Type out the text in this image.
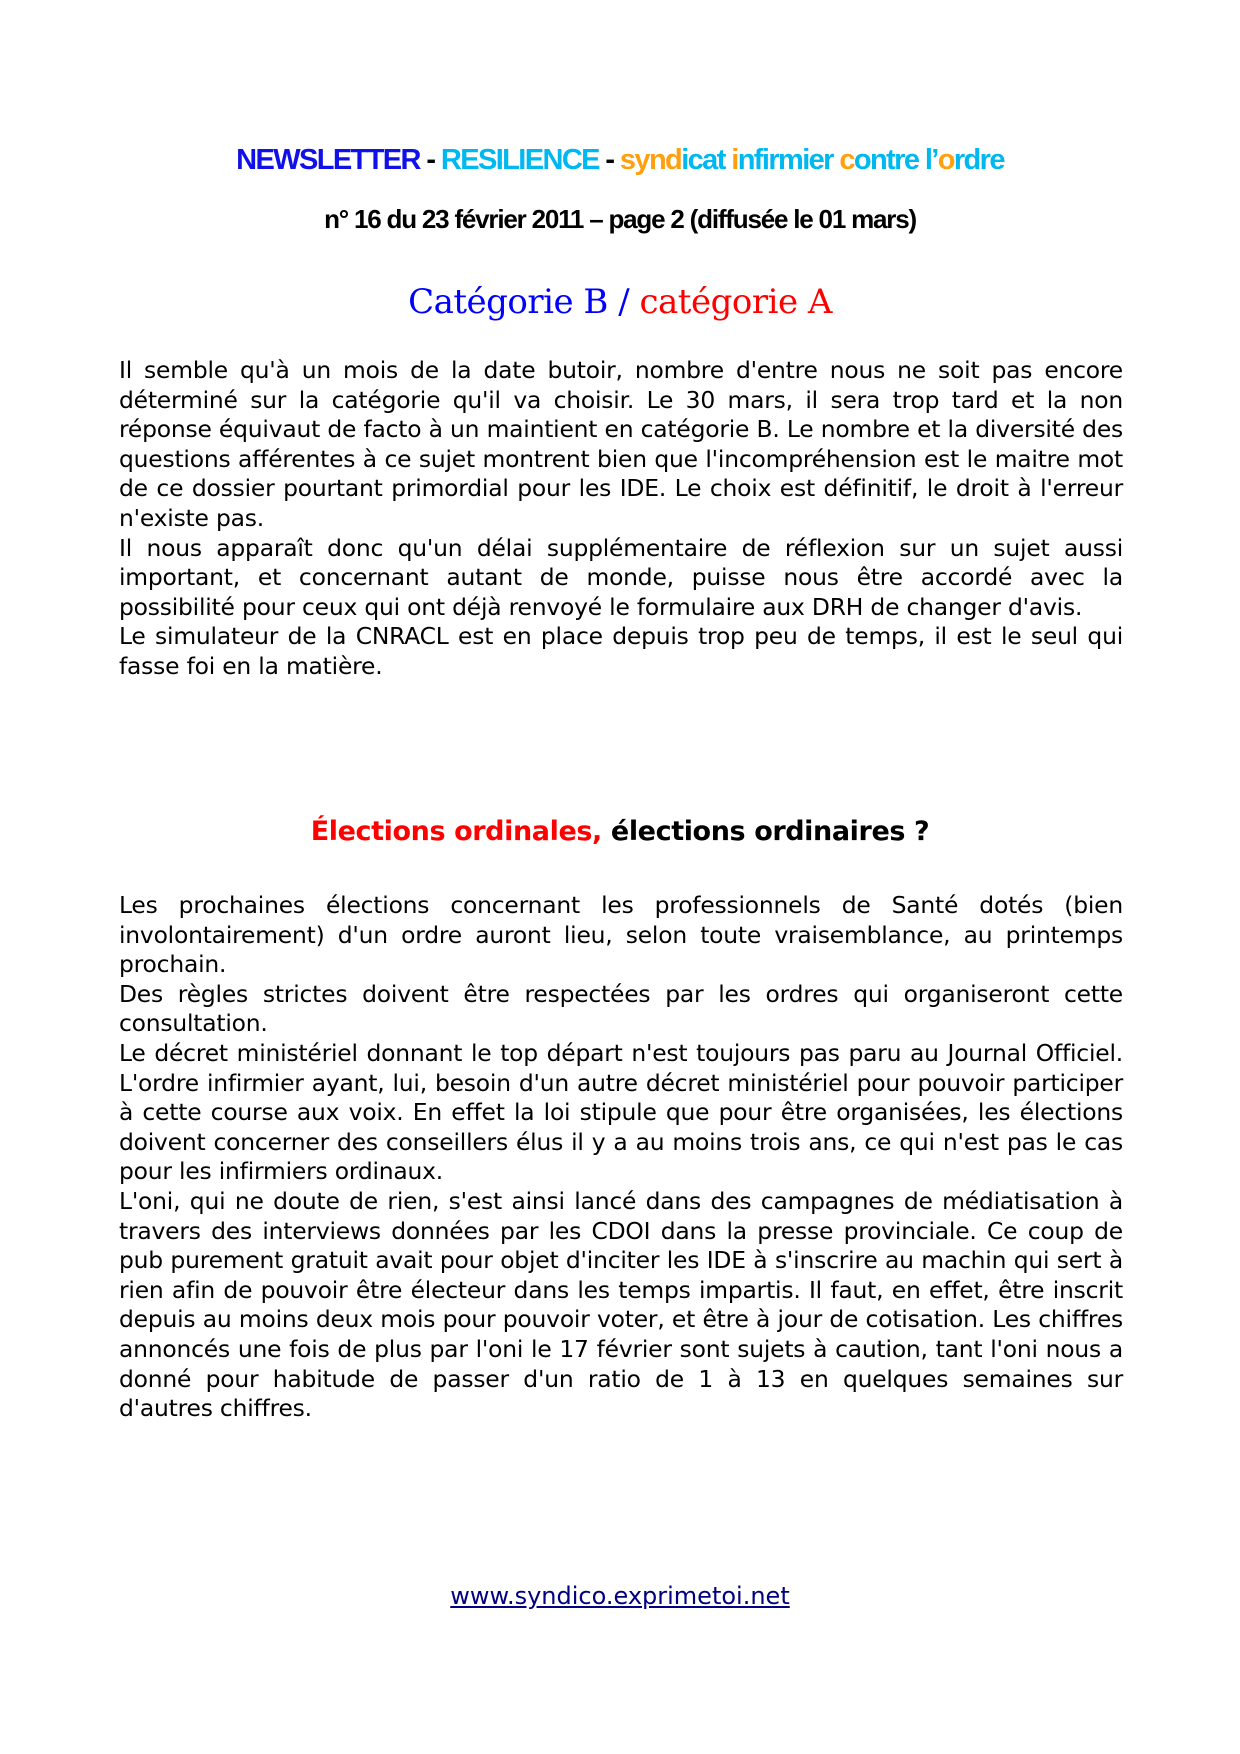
NEWSLETTER - RESILIENCE - syndicat infirmier contre l’ordre
n° 16 du 23 février 2011 – page 2 (diffusée le 01 mars)
Catégorie B / catégorie A

Il semble qu'à un mois de la date butoir, nombre d'entre nous ne soit pas encore déterminé sur la catégorie qu'il va choisir. Le 30 mars, il sera trop tard et la non réponse équivaut de facto à un maintient en catégorie B. Le nombre et la diversité des questions afférentes à ce sujet montrent bien que l'incompréhension est le maitre mot de ce dossier pourtant primordial pour les IDE. Le choix est définitif, le droit à l'erreur n'existe pas.

Il nous apparaît donc qu'un délai supplémentaire de réflexion sur un sujet aussi important, et concernant autant de monde, puisse nous être accordé avec la possibilité pour ceux qui ont déjà renvoyé le formulaire aux DRH de changer d'avis.

Le simulateur de la CNRACL est en place depuis trop peu de temps, il est le seul qui fasse foi en la matière.

Élections ordinales, élections ordinaires ?

Les prochaines élections concernant les professionnels de Santé dotés (bien involontairement) d'un ordre auront lieu, selon toute vraisemblance, au printemps prochain.

Des règles strictes doivent être respectées par les ordres qui organiseront cette consultation.

Le décret ministériel donnant le top départ n'est toujours pas paru au Journal Officiel. L'ordre infirmier ayant, lui, besoin d'un autre décret ministériel pour pouvoir participer à cette course aux voix. En effet la loi stipule que pour être organisées, les élections doivent concerner des conseillers élus il y a au moins trois ans, ce qui n'est pas le cas pour les infirmiers ordinaux.

L'oni, qui ne doute de rien, s'est ainsi lancé dans des campagnes de médiatisation à travers des interviews données par les CDOI dans la presse provinciale. Ce coup de pub purement gratuit avait pour objet d'inciter les IDE à s'inscrire au machin qui sert à rien afin de pouvoir être électeur dans les temps impartis. Il faut, en effet, être inscrit depuis au moins deux mois pour pouvoir voter, et être à jour de cotisation. Les chiffres annoncés une fois de plus par l'oni le 17 février sont sujets à caution, tant l'oni nous a donné pour habitude de passer d'un ratio de 1 à 13 en quelques semaines sur d'autres chiffres.

www.syndico.exprimetoi.net
